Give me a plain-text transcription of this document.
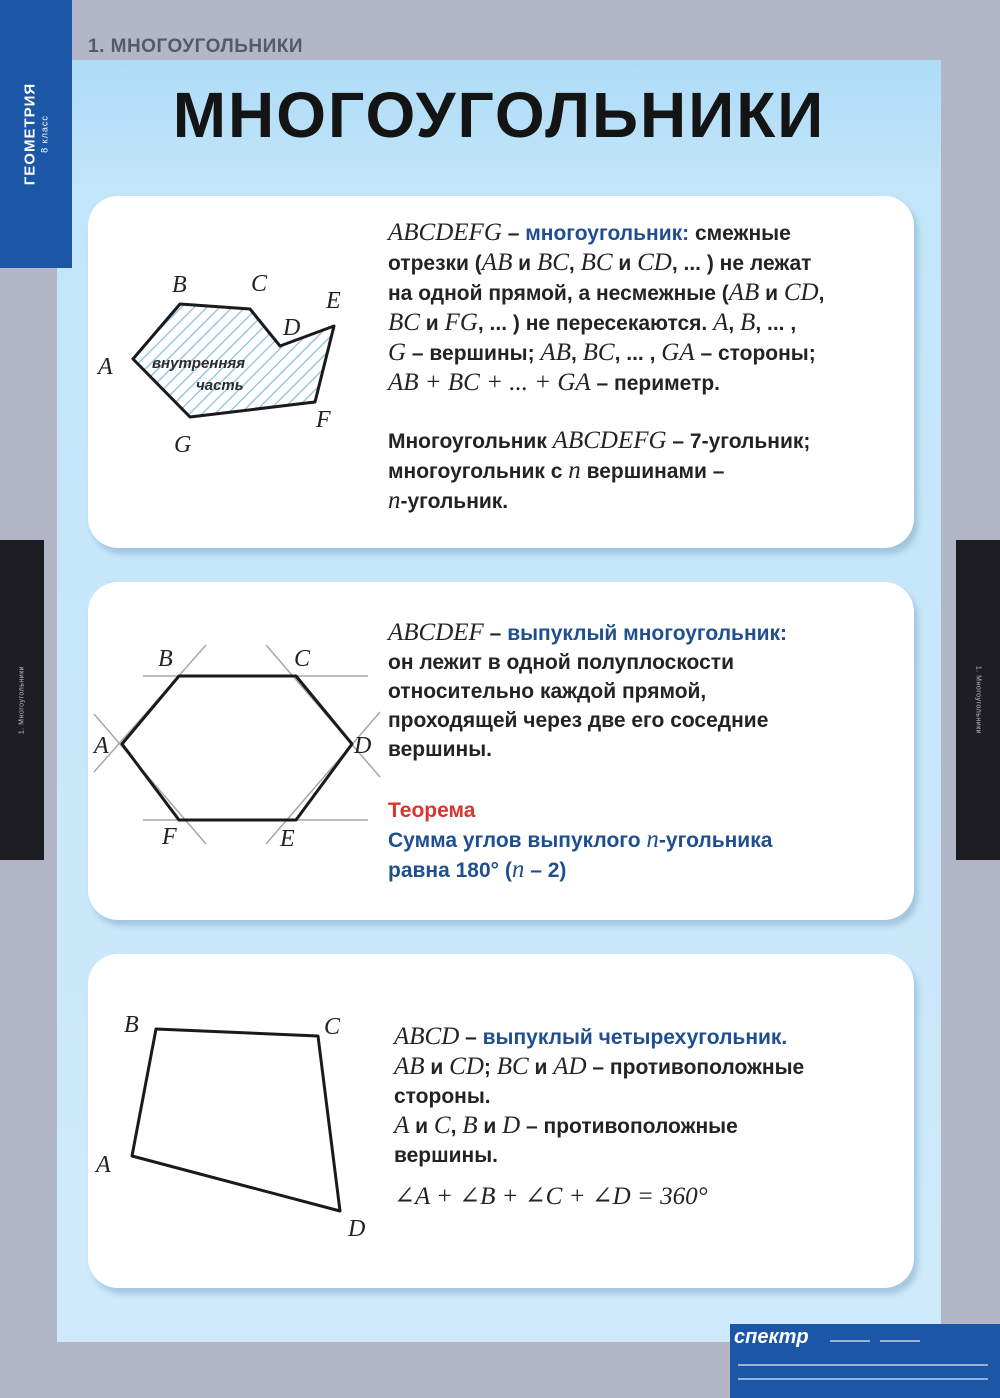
ГЕОМЕТРИЯ 8 класс
1. МНОГОУГОЛЬНИКИ
1. Многоугольники	1. Многоугольники
МНОГОУГОЛЬНИКИ
внутренняя
часть
A
B	C
D
E
F
G

ABCDEFG – многоугольник: смежные

отрезки (AB и BC, BC и CD, ... ) не лежат

на одной прямой, а несмежные (AB и CD,

BC и FG, ... ) не пересекаются. A, B, ... ,

G – вершины; AB, BC, ... , GA – стороны;

AB + BC + ... + GA – периметр.

Многоугольник ABCDEFG – 7-угольник;

многоугольник с n вершинами –

n-угольник.

A
B	C
D
E
F

ABCDEF – выпуклый многоугольник:

он лежит в одной полуплоскости

относительно каждой прямой,

проходящей через две его соседние

вершины.

Теорема

Сумма углов выпуклого n-угольника

равна 180° (n – 2)

A
B	C
D

ABCD – выпуклый четырехугольник.

AB и CD; BC и AD – противоположные

стороны.

A и C, B и D – противоположные

вершины.

∠A + ∠B + ∠C + ∠D = 360°

спектр
